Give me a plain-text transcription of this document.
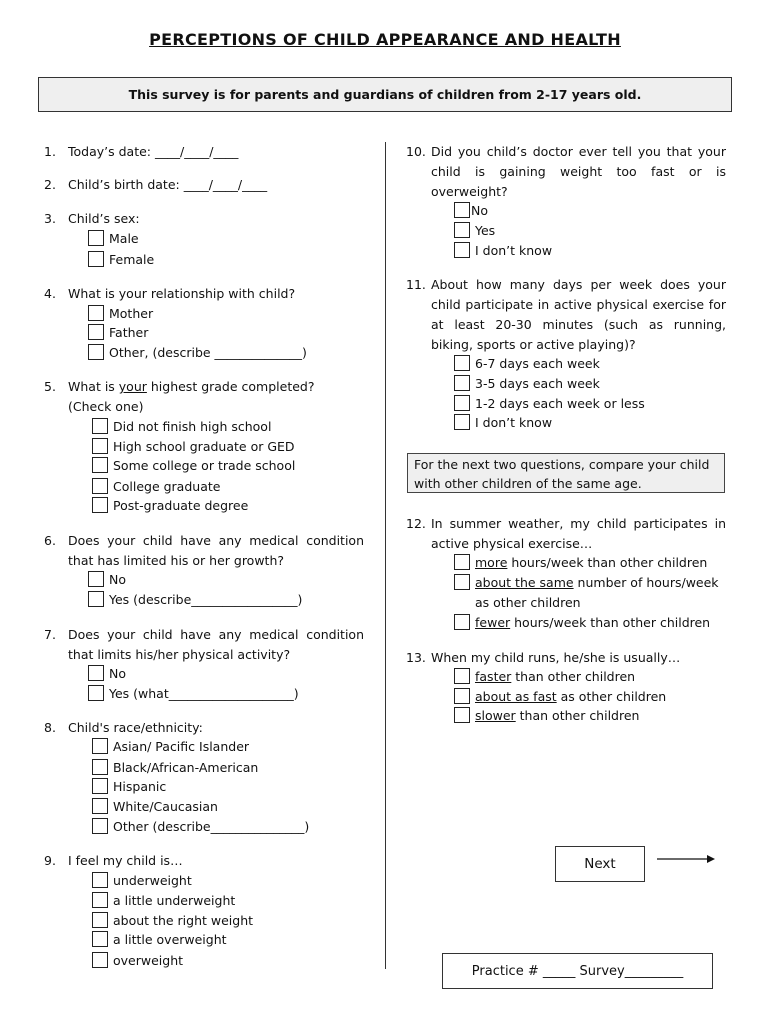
PERCEPTIONS OF CHILD APPEARANCE AND HEALTH
This survey is for parents and guardians of children from 2-17 years old.
1. Today’s date: ____/____/____
2. Child’s birth date: ____/____/____
3. Child’s sex:
Male
Female
4. What is your relationship with child?
Mother
Father
Other, (describe ______________)
5. What is your highest grade completed? (Check one)
Did not finish high school
High school graduate or GED
Some college or trade school
College graduate
Post-graduate degree
6. Does your child have any medical condition that has limited his or her growth?
No
Yes (describe_________________)
7. Does your child have any medical condition that limits his/her physical activity?
No
Yes (what____________________)
8. Child's race/ethnicity:
Asian/ Pacific Islander
Black/African-American
Hispanic
White/Caucasian
Other (describe_______________)
9. I feel my child is…
underweight
a little underweight
about the right weight
a little overweight
overweight
10. Did you child’s doctor ever tell you that your child is gaining weight too fast or is overweight?
No
Yes
I don’t know
11. About how many days per week does your child participate in active physical exercise for at least 20-30 minutes (such as running, biking, sports or active playing)?
6-7 days each week
3-5 days each week
1-2 days each week or less
I don’t know
For the next two questions, compare your child with other children of the same age.
12. In summer weather, my child participates in active physical exercise…
more hours/week than other children
about the same number of hours/week
as other children
fewer hours/week than other children
13. When my child runs, he/she is usually…
faster than other children
about as fast as other children
slower than other children
Next
Practice # _____ Survey_________
